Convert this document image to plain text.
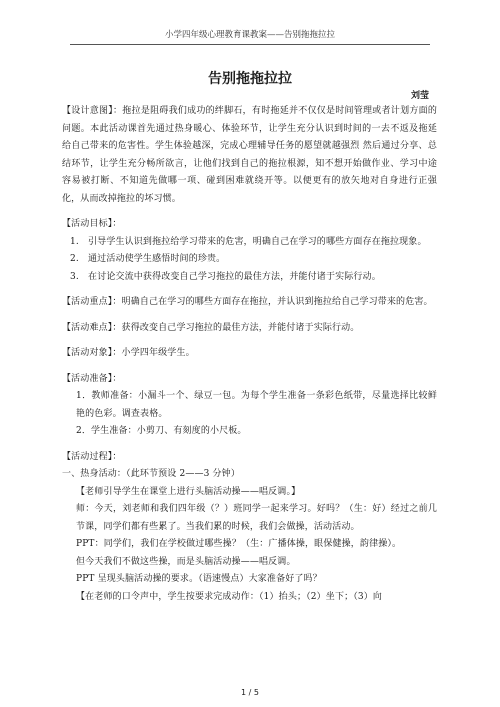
小学四年级心理教育课教案——告别拖拖拉拉
告别拖拖拉拉
刘莹

【设计意图】：拖拉是阻碍我们成功的绊脚石，有时拖延并不仅仅是时间管理或者计划方面的问题。本此活动课首先通过热身暖心、体验环节，让学生充分认识到时间的一去不返及拖延给自己带来的危害性。学生体验越深，完成心理辅导任务的愿望就越强烈 然后通过分享、总结环节，让学生充分畅所欲言，让他们找到自己的拖拉根源，知不想开始做作业、学习中途容易被打断、不知道先做哪一项、碰到困难就绕开等。以便更有的放矢地对自身进行正强化，从而改掉拖拉的坏习惯。

【活动目标】：

1.　引导学生认识到拖拉给学习带来的危害，明确自己在学习的哪些方面存在拖拉现象。

2.　通过活动使学生感悟时间的珍贵。

3.　在讨论交流中获得改变自己学习拖拉的最佳方法，并能付诸于实际行动。

【活动重点】：明确自己在学习的哪些方面存在拖拉，并认识到拖拉给自己学习带来的危害。

【活动难点】：获得改变自己学习拖拉的最佳方法，并能付诸于实际行动。

【活动对象】：小学四年级学生。

【活动准备】：

1．教师准备：小漏斗一个、绿豆一包。为每个学生准备一条彩色纸带，尽量选择比较鲜艳的色彩。调查表格。

2．学生准备：小剪刀、有刻度的小尺板。

【活动过程】：

一、热身活动：（此环节预设 2——3 分钟）

【老师引导学生在课堂上进行头脑活动操——唱反调。】

师：今天，刘老师和我们四年级（？）班同学一起来学习。好吗？（生：好）经过之前几节课，同学们都有些累了。当我们累的时候，我们会做操，活动活动。

PPT：同学们，我们在学校做过哪些操？（生：广播体操，眼保健操，韵律操）。

但今天我们不做这些操，而是头脑活动操——唱反调。

PPT 呈现头脑活动操的要求。（语速慢点）大家准备好了吗？

【在老师的口令声中，学生按要求完成动作：（1）抬头；（2）坐下；（3）向

1 / 5
